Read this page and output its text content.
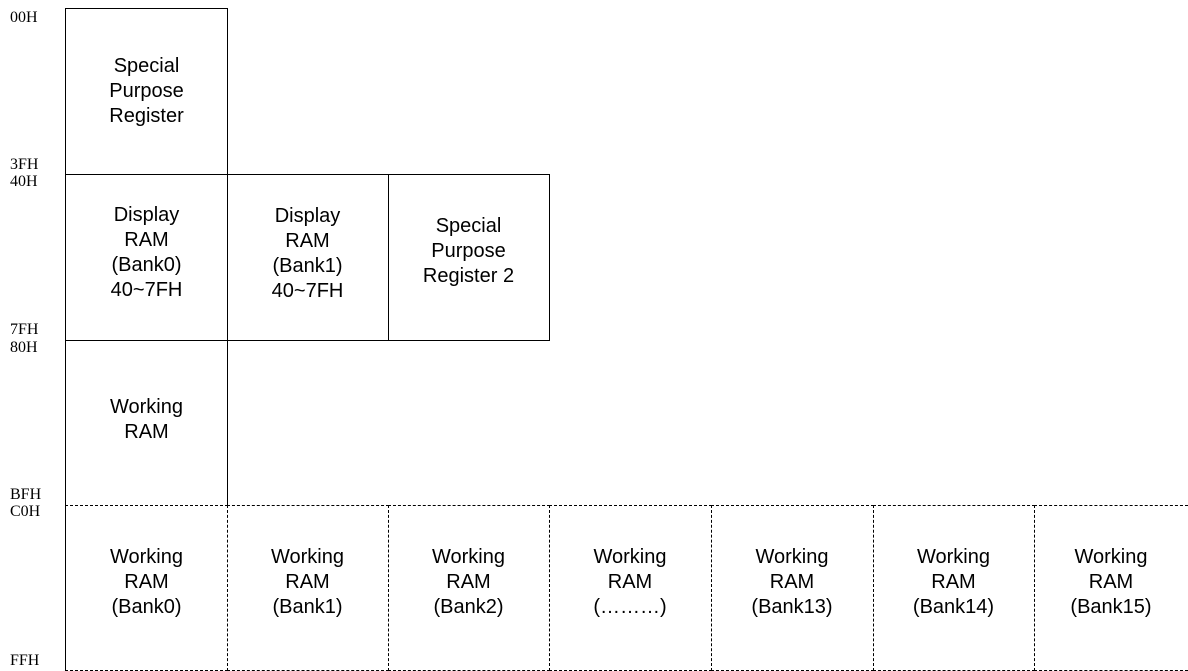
00H
3FH
40H
7FH
80H
BFH
C0H
FFH
Special
Purpose
Register
Display
RAM
(Bank0)
40~7FH
Display
RAM
(Bank1)
40~7FH
Special
Purpose
Register 2
Working
RAM
Working
RAM
(Bank0)
Working
RAM
(Bank1)
Working
RAM
(Bank2)
Working
RAM
(………)
Working
RAM
(Bank13)
Working
RAM
(Bank14)
Working
RAM
(Bank15)
